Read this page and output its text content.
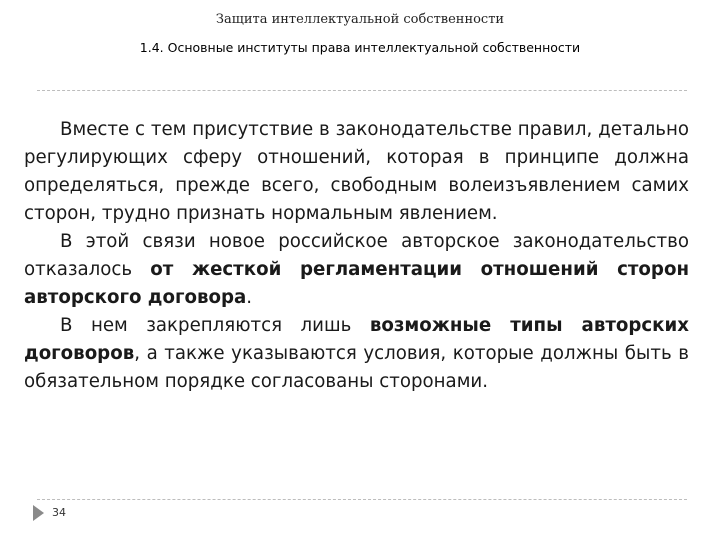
Защита интеллектуальной собственности
1.4. Основные институты права интеллектуальной собственности

Вместе с тем присутствие в законодательстве правил, детально регулирующих сферу отношений, которая в принципе должна определяться, прежде всего, свободным волеизъявлением самих сторон, трудно признать нормальным явлением.

В этой связи новое российское авторское законодательство отказалось от жесткой регламентации отношений сторон авторского договора.

В нем закрепляются лишь возможные типы авторских договоров, а также указываются условия, которые должны быть в обязательном порядке согласованы сторонами.

34
